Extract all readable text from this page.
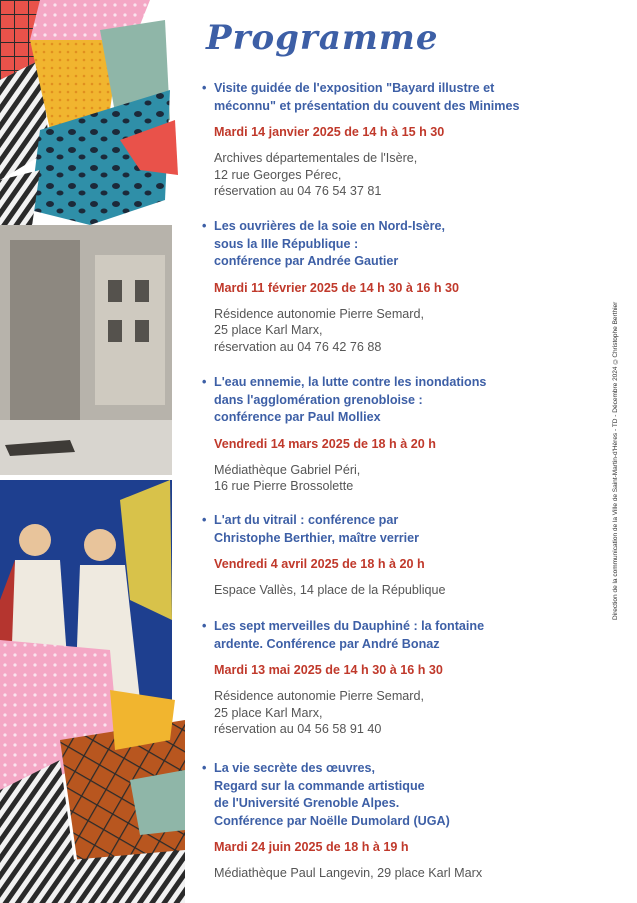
Programme
• Visite guidée de l'exposition "Bayard illustre et
méconnu" et présentation du couvent des Minimes
Mardi 14 janvier 2025 de 14 h à 15 h 30
Archives départementales de l'Isère,
12 rue Georges Pérec,
réservation au 04 76 54 37 81
• Les ouvrières de la soie en Nord-Isère,
sous la IIIe République :
conférence par Andrée Gautier
Mardi 11 février 2025 de 14 h 30 à 16 h 30
Résidence autonomie Pierre Semard,
25 place Karl Marx,
réservation au 04 76 42 76 88
• L'eau ennemie, la lutte contre les inondations
dans l'agglomération grenobloise :
conférence par Paul Molliex
Vendredi 14 mars 2025 de 18 h à 20 h
Médiathèque Gabriel Péri,
16 rue Pierre Brossolette
• L'art du vitrail : conférence par
Christophe Berthier, maître verrier
Vendredi 4 avril 2025 de 18 h à 20 h
Espace Vallès, 14 place de la République
• Les sept merveilles du Dauphiné : la fontaine
ardente. Conférence par André Bonaz
Mardi 13 mai 2025 de 14 h 30 à 16 h 30
Résidence autonomie Pierre Semard,
25 place Karl Marx,
réservation au 04 56 58 91 40
• La vie secrète des œuvres,
Regard sur la commande artistique
de l'Université Grenoble Alpes.
Conférence par Noëlle Dumolard (UGA)
Mardi 24 juin 2025 de 18 h à 19 h
Médiathèque Paul Langevin, 29 place Karl Marx
Direction de la communication de la Ville de Saint-Martin-d'Hères - TD - Décembre 2024 ©Christophe Berthier
